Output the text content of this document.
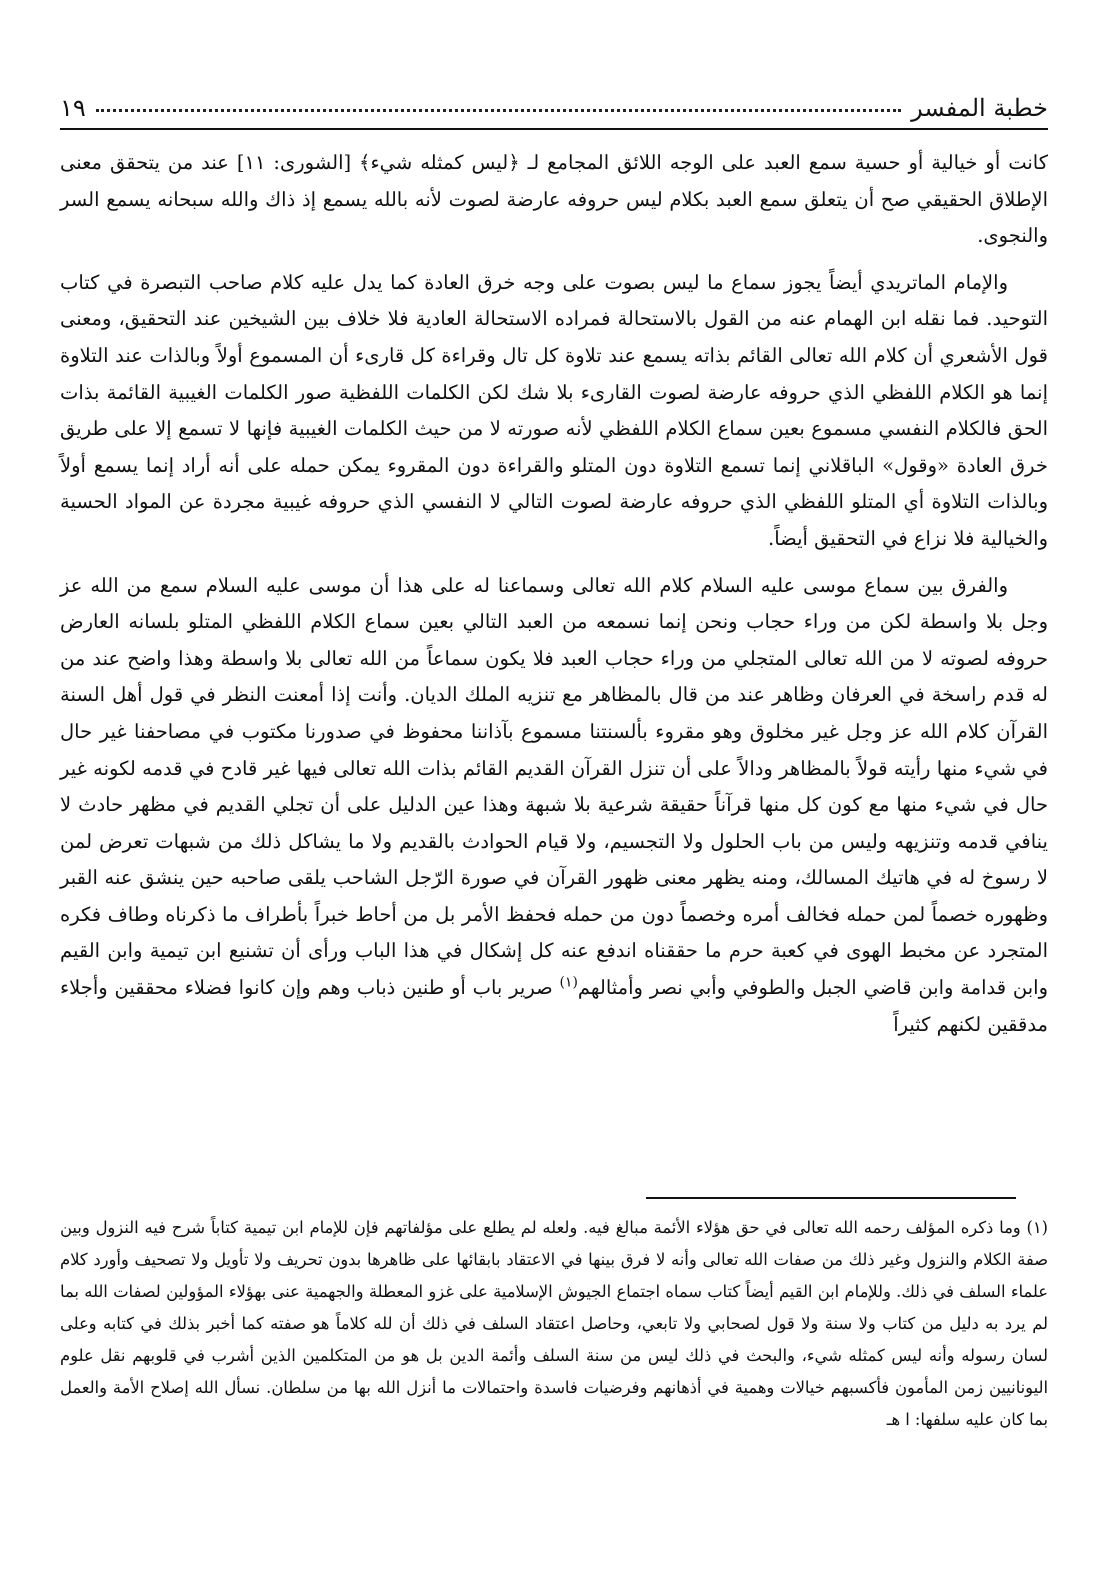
خطبة المفسر
١٩

كانت أو خيالية أو حسية سمع العبد على الوجه اللائق المجامع لـ ﴿ليس كمثله شيء﴾ [الشورى: ١١] عند من يتحقق معنى الإطلاق الحقيقي صح أن يتعلق سمع العبد بكلام ليس حروفه عارضة لصوت لأنه بالله يسمع إذ ذاك والله سبحانه يسمع السر والنجوى.

والإمام الماتريدي أيضاً يجوز سماع ما ليس بصوت على وجه خرق العادة كما يدل عليه كلام صاحب التبصرة في كتاب التوحيد. فما نقله ابن الهمام عنه من القول بالاستحالة فمراده الاستحالة العادية فلا خلاف بين الشيخين عند التحقيق، ومعنى قول الأشعري أن كلام الله تعالى القائم بذاته يسمع عند تلاوة كل تال وقراءة كل قارىء أن المسموع أولاً وبالذات عند التلاوة إنما هو الكلام اللفظي الذي حروفه عارضة لصوت القارىء بلا شك لكن الكلمات اللفظية صور الكلمات الغيبية القائمة بذات الحق فالكلام النفسي مسموع بعين سماع الكلام اللفظي لأنه صورته لا من حيث الكلمات الغيبية فإنها لا تسمع إلا على طريق خرق العادة «وقول» الباقلاني إنما تسمع التلاوة دون المتلو والقراءة دون المقروء يمكن حمله على أنه أراد إنما يسمع أولاً وبالذات التلاوة أي المتلو اللفظي الذي حروفه عارضة لصوت التالي لا النفسي الذي حروفه غيبية مجردة عن المواد الحسية والخيالية فلا نزاع في التحقيق أيضاً.

والفرق بين سماع موسى عليه السلام كلام الله تعالى وسماعنا له على هذا أن موسى عليه السلام سمع من الله عز وجل بلا واسطة لكن من وراء حجاب ونحن إنما نسمعه من العبد التالي بعين سماع الكلام اللفظي المتلو بلسانه العارض حروفه لصوته لا من الله تعالى المتجلي من وراء حجاب العبد فلا يكون سماعاً من الله تعالى بلا واسطة وهذا واضح عند من له قدم راسخة في العرفان وظاهر عند من قال بالمظاهر مع تنزيه الملك الديان. وأنت إذا أمعنت النظر في قول أهل السنة القرآن كلام الله عز وجل غير مخلوق وهو مقروء بألسنتنا مسموع بآذاننا محفوظ في صدورنا مكتوب في مصاحفنا غير حال في شيء منها رأيته قولاً بالمظاهر ودالاً على أن تنزل القرآن القديم القائم بذات الله تعالى فيها غير قادح في قدمه لكونه غير حال في شيء منها مع كون كل منها قرآناً حقيقة شرعية بلا شبهة وهذا عين الدليل على أن تجلي القديم في مظهر حادث لا ينافي قدمه وتنزيهه وليس من باب الحلول ولا التجسيم، ولا قيام الحوادث بالقديم ولا ما يشاكل ذلك من شبهات تعرض لمن لا رسوخ له في هاتيك المسالك، ومنه يظهر معنى ظهور القرآن في صورة الرّجل الشاحب يلقى صاحبه حين ينشق عنه القبر وظهوره خصماً لمن حمله فخالف أمره وخصماً دون من حمله فحفظ الأمر بل من أحاط خبراً بأطراف ما ذكرناه وطاف فكره المتجرد عن مخبط الهوى في كعبة حرم ما حققناه اندفع عنه كل إشكال في هذا الباب ورأى أن تشنيع ابن تيمية وابن القيم وابن قدامة وابن قاضي الجبل والطوفي وأبي نصر وأمثالهم$^{(١)}$ صرير باب أو طنين ذباب وهم وإن كانوا فضلاء محققين وأجلاء مدققين لكنهم كثيراً

(١) وما ذكره المؤلف رحمه الله تعالى في حق هؤلاء الأئمة مبالغ فيه. ولعله لم يطلع على مؤلفاتهم فإن للإمام ابن تيمية كتاباً شرح فيه النزول وبين صفة الكلام والنزول وغير ذلك من صفات الله تعالى وأنه لا فرق بينها في الاعتقاد بابقائها على ظاهرها بدون تحريف ولا تأويل ولا تصحيف وأورد كلام علماء السلف في ذلك. وللإمام ابن القيم أيضاً كتاب سماه اجتماع الجيوش الإسلامية على غزو المعطلة والجهمية عنى بهؤلاء المؤولين لصفات الله بما لم يرد به دليل من كتاب ولا سنة ولا قول لصحابي ولا تابعي، وحاصل اعتقاد السلف في ذلك أن لله كلاماً هو صفته كما أخبر بذلك في كتابه وعلى لسان رسوله وأنه ليس كمثله شيء، والبحث في ذلك ليس من سنة السلف وأئمة الدين بل هو من المتكلمين الذين أشرب في قلوبهم نقل علوم اليونانيين زمن المأمون فأكسبهم خيالات وهمية في أذهانهم وفرضيات فاسدة واحتمالات ما أنزل الله بها من سلطان. نسأل الله إصلاح الأمة والعمل بما كان عليه سلفها: ا هـ
